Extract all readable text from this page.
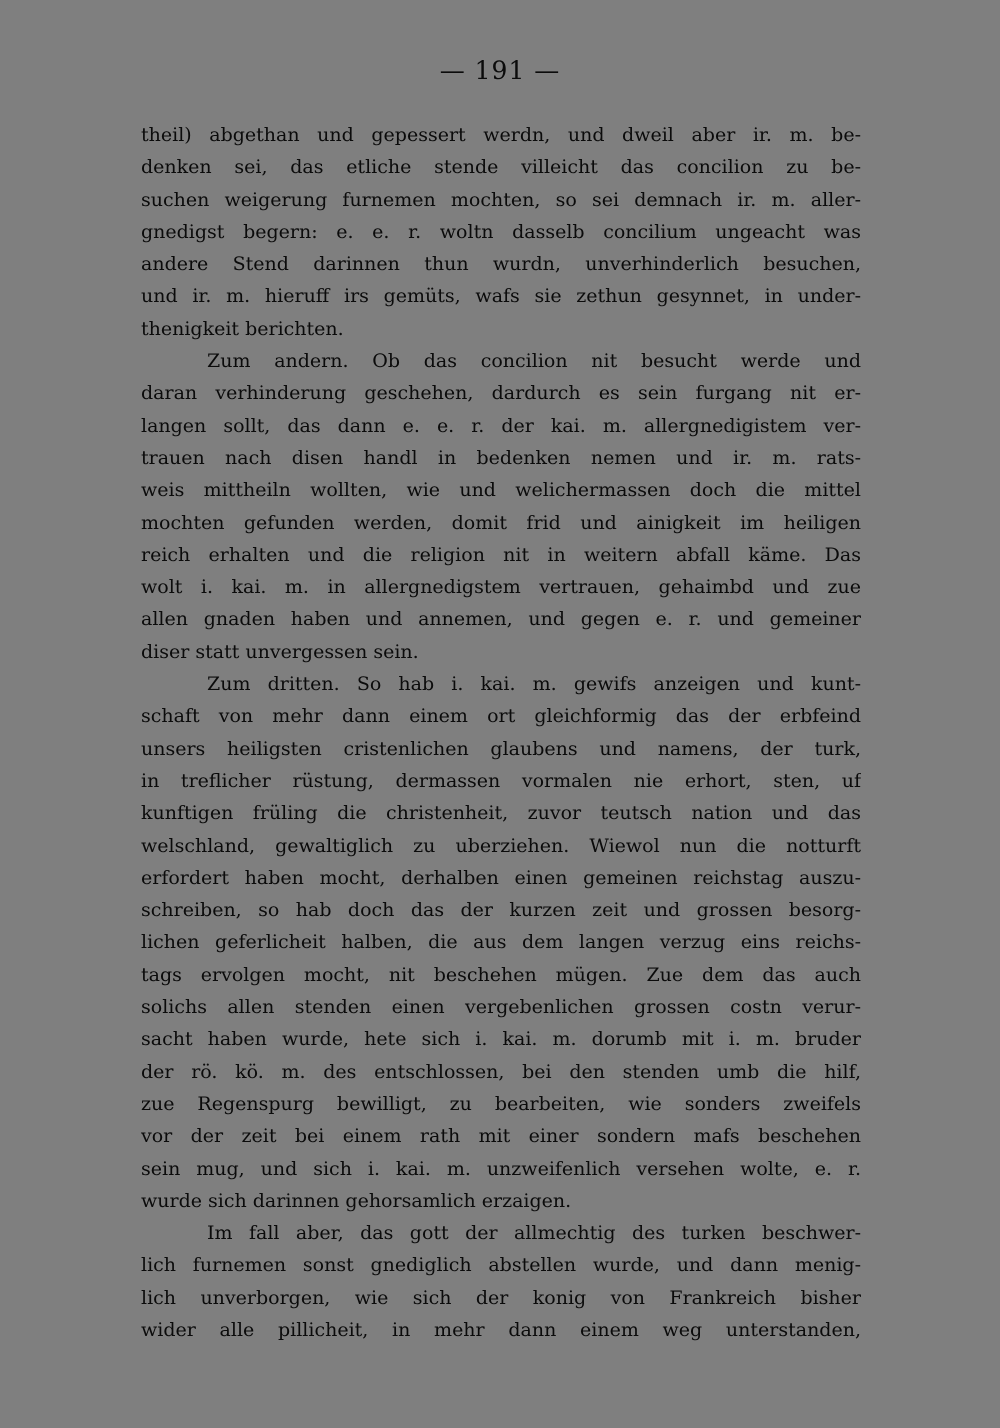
— 191 —
theil) abgethan und gepessert werdn, und dweil aber ir. m. be-
denken sei, das etliche stende villeicht das concilion zu be-
suchen weigerung furnemen mochten, so sei demnach ir. m. aller-
gnedigst begern: e. e. r. woltn dasselb concilium ungeacht was
andere Stend darinnen thun wurdn, unverhinderlich besuchen,
und ir. m. hieruff irs gemüts, wafs sie zethun gesynnet, in under-
thenigkeit berichten.
Zum andern. Ob das concilion nit besucht werde und
daran verhinderung geschehen, dardurch es sein furgang nit er-
langen sollt, das dann e. e. r. der kai. m. allergnedigistem ver-
trauen nach disen handl in bedenken nemen und ir. m. rats-
weis mittheiln wollten, wie und welichermassen doch die mittel
mochten gefunden werden, domit frid und ainigkeit im heiligen
reich erhalten und die religion nit in weitern abfall käme. Das
wolt i. kai. m. in allergnedigstem vertrauen, gehaimbd und zue
allen gnaden haben und annemen, und gegen e. r. und gemeiner
diser statt unvergessen sein.
Zum dritten. So hab i. kai. m. gewifs anzeigen und kunt-
schaft von mehr dann einem ort gleichformig das der erbfeind
unsers heiligsten cristenlichen glaubens und namens, der turk,
in treflicher rüstung, dermassen vormalen nie erhort, sten, uf
kunftigen früling die christenheit, zuvor teutsch nation und das
welschland, gewaltiglich zu uberziehen. Wiewol nun die notturft
erfordert haben mocht, derhalben einen gemeinen reichstag auszu-
schreiben, so hab doch das der kurzen zeit und grossen besorg-
lichen geferlicheit halben, die aus dem langen verzug eins reichs-
tags ervolgen mocht, nit beschehen mügen. Zue dem das auch
solichs allen stenden einen vergebenlichen grossen costn verur-
sacht haben wurde, hete sich i. kai. m. dorumb mit i. m. bruder
der rö. kö. m. des entschlossen, bei den stenden umb die hilf,
zue Regenspurg bewilligt, zu bearbeiten, wie sonders zweifels
vor der zeit bei einem rath mit einer sondern mafs beschehen
sein mug, und sich i. kai. m. unzweifenlich versehen wolte, e. r.
wurde sich darinnen gehorsamlich erzaigen.
Im fall aber, das gott der allmechtig des turken beschwer-
lich furnemen sonst gnediglich abstellen wurde, und dann menig-
lich unverborgen, wie sich der konig von Frankreich bisher
wider alle pillicheit, in mehr dann einem weg unterstanden,
